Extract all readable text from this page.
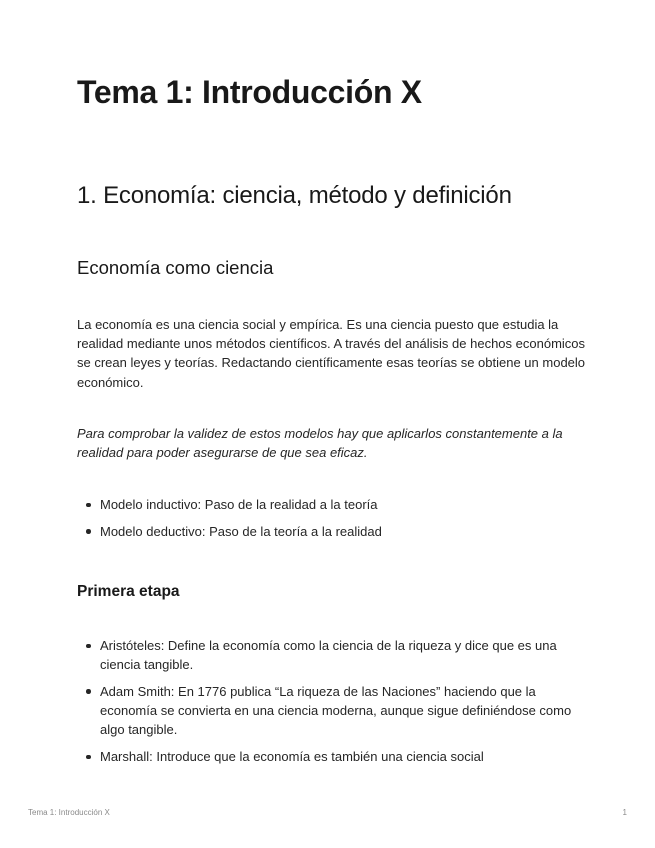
Tema 1: Introducción X
1. Economía: ciencia, método y definición
Economía como ciencia

La economía es una ciencia social y empírica. Es una ciencia puesto que estudia la realidad mediante unos métodos científicos. A través del análisis de hechos económicos se crean leyes y teorías. Redactando científicamente esas teorías se obtiene un modelo económico.

Para comprobar la validez de estos modelos hay que aplicarlos constantemente a la realidad para poder asegurarse de que sea eficaz.

Modelo inductivo: Paso de la realidad a la teoría
Modelo deductivo: Paso de la teoría a la realidad
Primera etapa
Aristóteles: Define la economía como la ciencia de la riqueza y dice que es una ciencia tangible.
Adam Smith: En 1776 publica “La riqueza de las Naciones” haciendo que la economía se convierta en una ciencia moderna, aunque sigue definiéndose como algo tangible.
Marshall: Introduce que la economía es también una ciencia social
Tema 1: Introducción X	1
